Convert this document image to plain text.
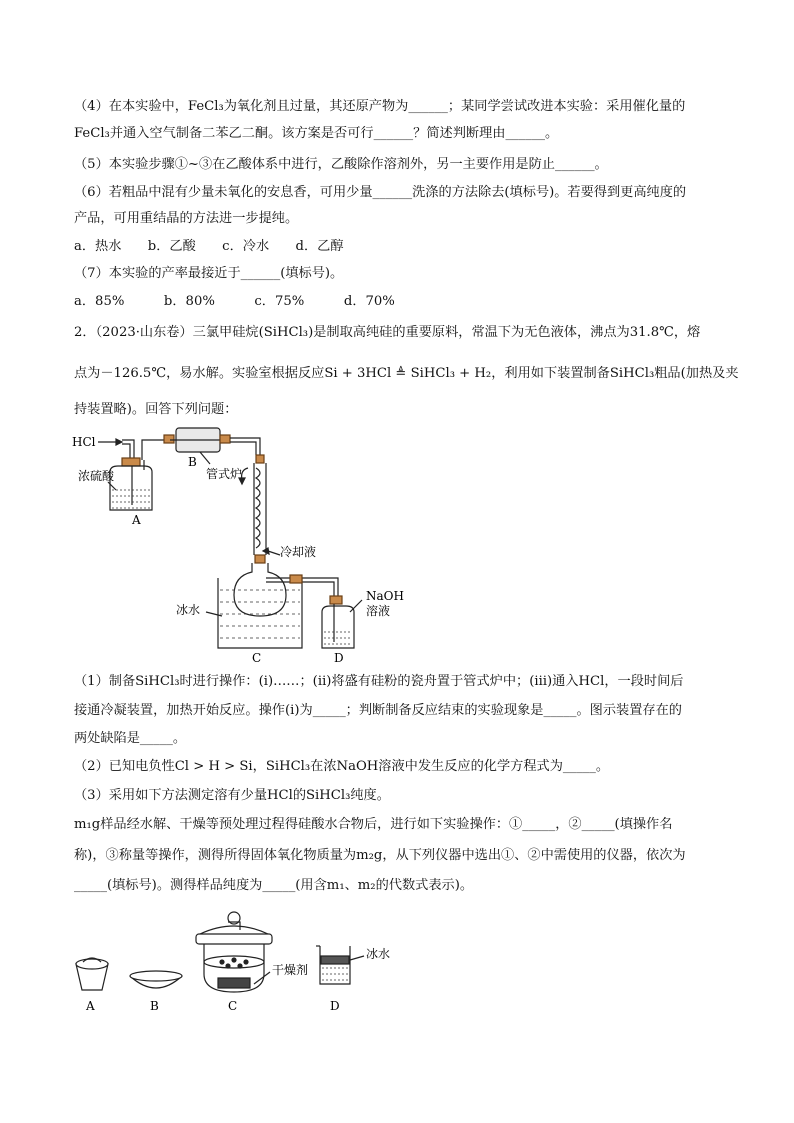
（4）在本实验中，FeCl₃为氧化剂且过量，其还原产物为______；某同学尝试改进本实验：采用催化量的
FeCl₃并通入空气制备二苯乙二酮。该方案是否可行______？简述判断理由______。
（5）本实验步骤①~③在乙酸体系中进行，乙酸除作溶剂外，另一主要作用是防止______。
（6）若粗品中混有少量未氧化的安息香，可用少量______洗涤的方法除去(填标号)。若要得到更高纯度的
产品，可用重结晶的方法进一步提纯。
a．热水　　b．乙酸　　c．冷水　　d．乙醇
（7）本实验的产率最接近于______(填标号)。
a．85%　　　b．80%　　　c．75%　　　d．70%
2．（2023·山东卷）三氯甲硅烷(SiHCl₃)是制取高纯硅的重要原料，常温下为无色液体，沸点为31.8℃，熔
点为－126.5℃，易水解。实验室根据反应Si + 3HCl ≜ SiHCl₃ + H₂，利用如下装置制备SiHCl₃粗品(加热及夹
持装置略)。回答下列问题：
HCl
浓硫酸
A
B
管式炉
冷却液
冰水
C
NaOH
溶液
D
（1）制备SiHCl₃时进行操作：(ⅰ)……；(ⅱ)将盛有硅粉的瓷舟置于管式炉中；(ⅲ)通入HCl，一段时间后
接通冷凝装置，加热开始反应。操作(ⅰ)为_____；判断制备反应结束的实验现象是_____。图示装置存在的
两处缺陷是_____。
（2）已知电负性Cl > H > Si，SiHCl₃在浓NaOH溶液中发生反应的化学方程式为_____。
（3）采用如下方法测定溶有少量HCl的SiHCl₃纯度。
m₁g样品经水解、干燥等预处理过程得硅酸水合物后，进行如下实验操作：①_____，②_____(填操作名
称)，③称量等操作，测得所得固体氧化物质量为m₂g，从下列仪器中选出①、②中需使用的仪器，依次为
_____(填标号)。测得样品纯度为_____(用含m₁、m₂的代数式表示)。
A	B	C
干燥剂
D
冰水
